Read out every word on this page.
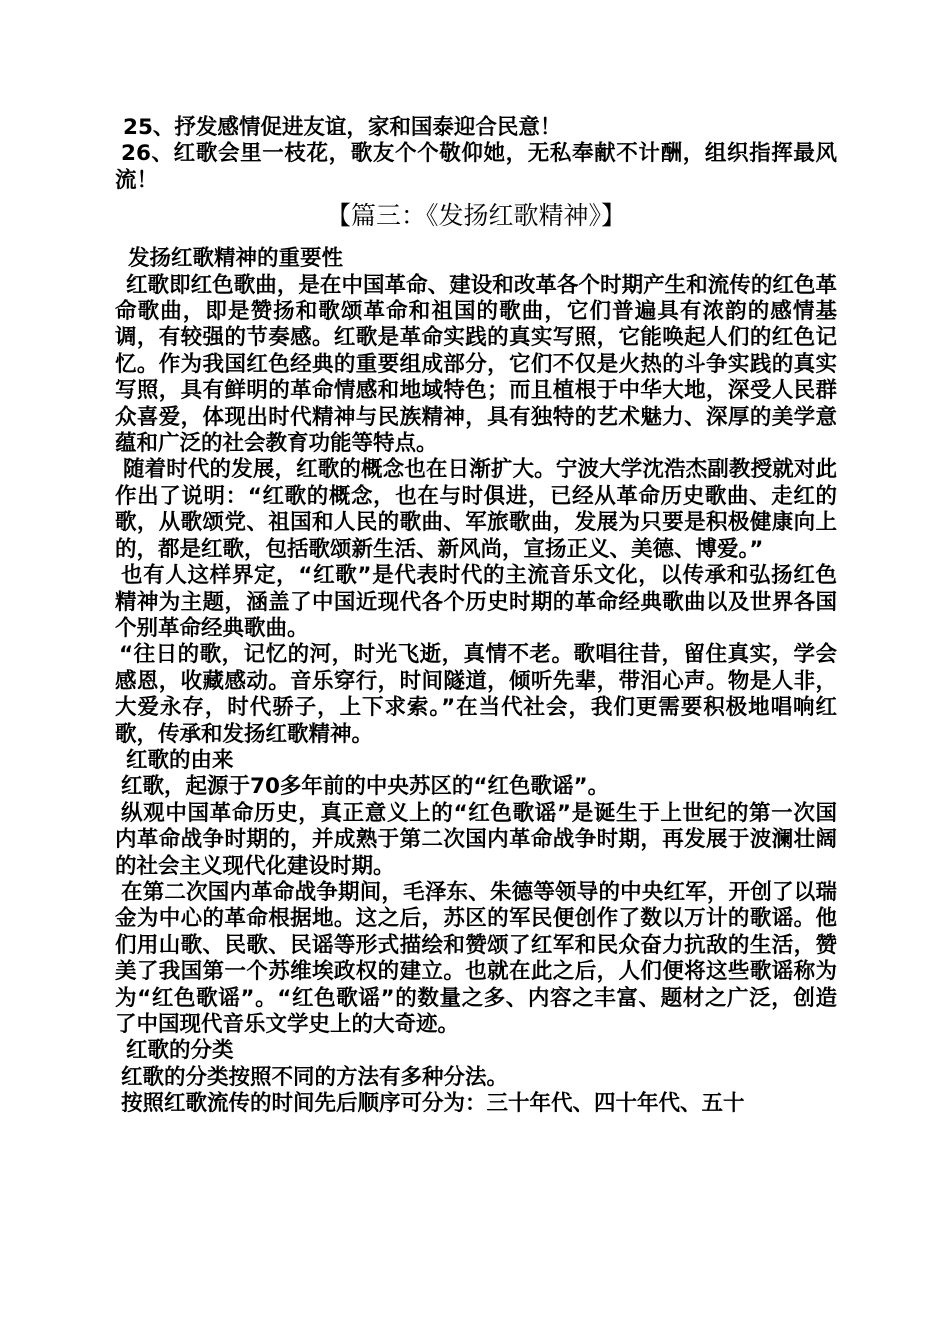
25、抒发感情促进友谊，家和国泰迎合民意！

26、红歌会里一枝花，歌友个个敬仰她，无私奉献不计酬，组织指挥最风流！

【篇三：《发扬红歌精神》】

发扬红歌精神的重要性

红歌即红色歌曲，是在中国革命、建设和改革各个时期产生和流传的红色革命歌曲，即是赞扬和歌颂革命和祖国的歌曲，它们普遍具有浓韵的感情基调，有较强的节奏感。红歌是革命实践的真实写照，它能唤起人们的红色记忆。作为我国红色经典的重要组成部分，它们不仅是火热的斗争实践的真实写照，具有鲜明的革命情感和地域特色；而且植根于中华大地，深受人民群众喜爱，体现出时代精神与民族精神，具有独特的艺术魅力、深厚的美学意蕴和广泛的社会教育功能等特点。

随着时代的发展，红歌的概念也在日渐扩大。宁波大学沈浩杰副教授就对此作出了说明：“红歌的概念，也在与时俱进，已经从革命历史歌曲、走红的歌，从歌颂党、祖国和人民的歌曲、军旅歌曲，发展为只要是积极健康向上的，都是红歌，包括歌颂新生活、新风尚，宣扬正义、美德、博爱。”

也有人这样界定，“红歌”是代表时代的主流音乐文化，以传承和弘扬红色精神为主题，涵盖了中国近现代各个历史时期的革命经典歌曲以及世界各国个别革命经典歌曲。

“往日的歌，记忆的河，时光飞逝，真情不老。歌唱往昔，留住真实，学会感恩，收藏感动。音乐穿行，时间隧道，倾听先辈，带泪心声。物是人非，大爱永存，时代骄子，上下求索。”在当代社会，我们更需要积极地唱响红歌，传承和发扬红歌精神。

红歌的由来

红歌，起源于70多年前的中央苏区的“红色歌谣”。

纵观中国革命历史，真正意义上的“红色歌谣”是诞生于上世纪的第一次国内革命战争时期的，并成熟于第二次国内革命战争时期，再发展于波澜壮阔的社会主义现代化建设时期。

在第二次国内革命战争期间，毛泽东、朱德等领导的中央红军，开创了以瑞金为中心的革命根据地。这之后，苏区的军民便创作了数以万计的歌谣。他们用山歌、民歌、民谣等形式描绘和赞颂了红军和民众奋力抗敌的生活，赞美了我国第一个苏维埃政权的建立。也就在此之后，人们便将这些歌谣称为为“红色歌谣”。“红色歌谣”的数量之多、内容之丰富、题材之广泛，创造了中国现代音乐文学史上的大奇迹。

红歌的分类

红歌的分类按照不同的方法有多种分法。

按照红歌流传的时间先后顺序可分为：三十年代、四十年代、五十
